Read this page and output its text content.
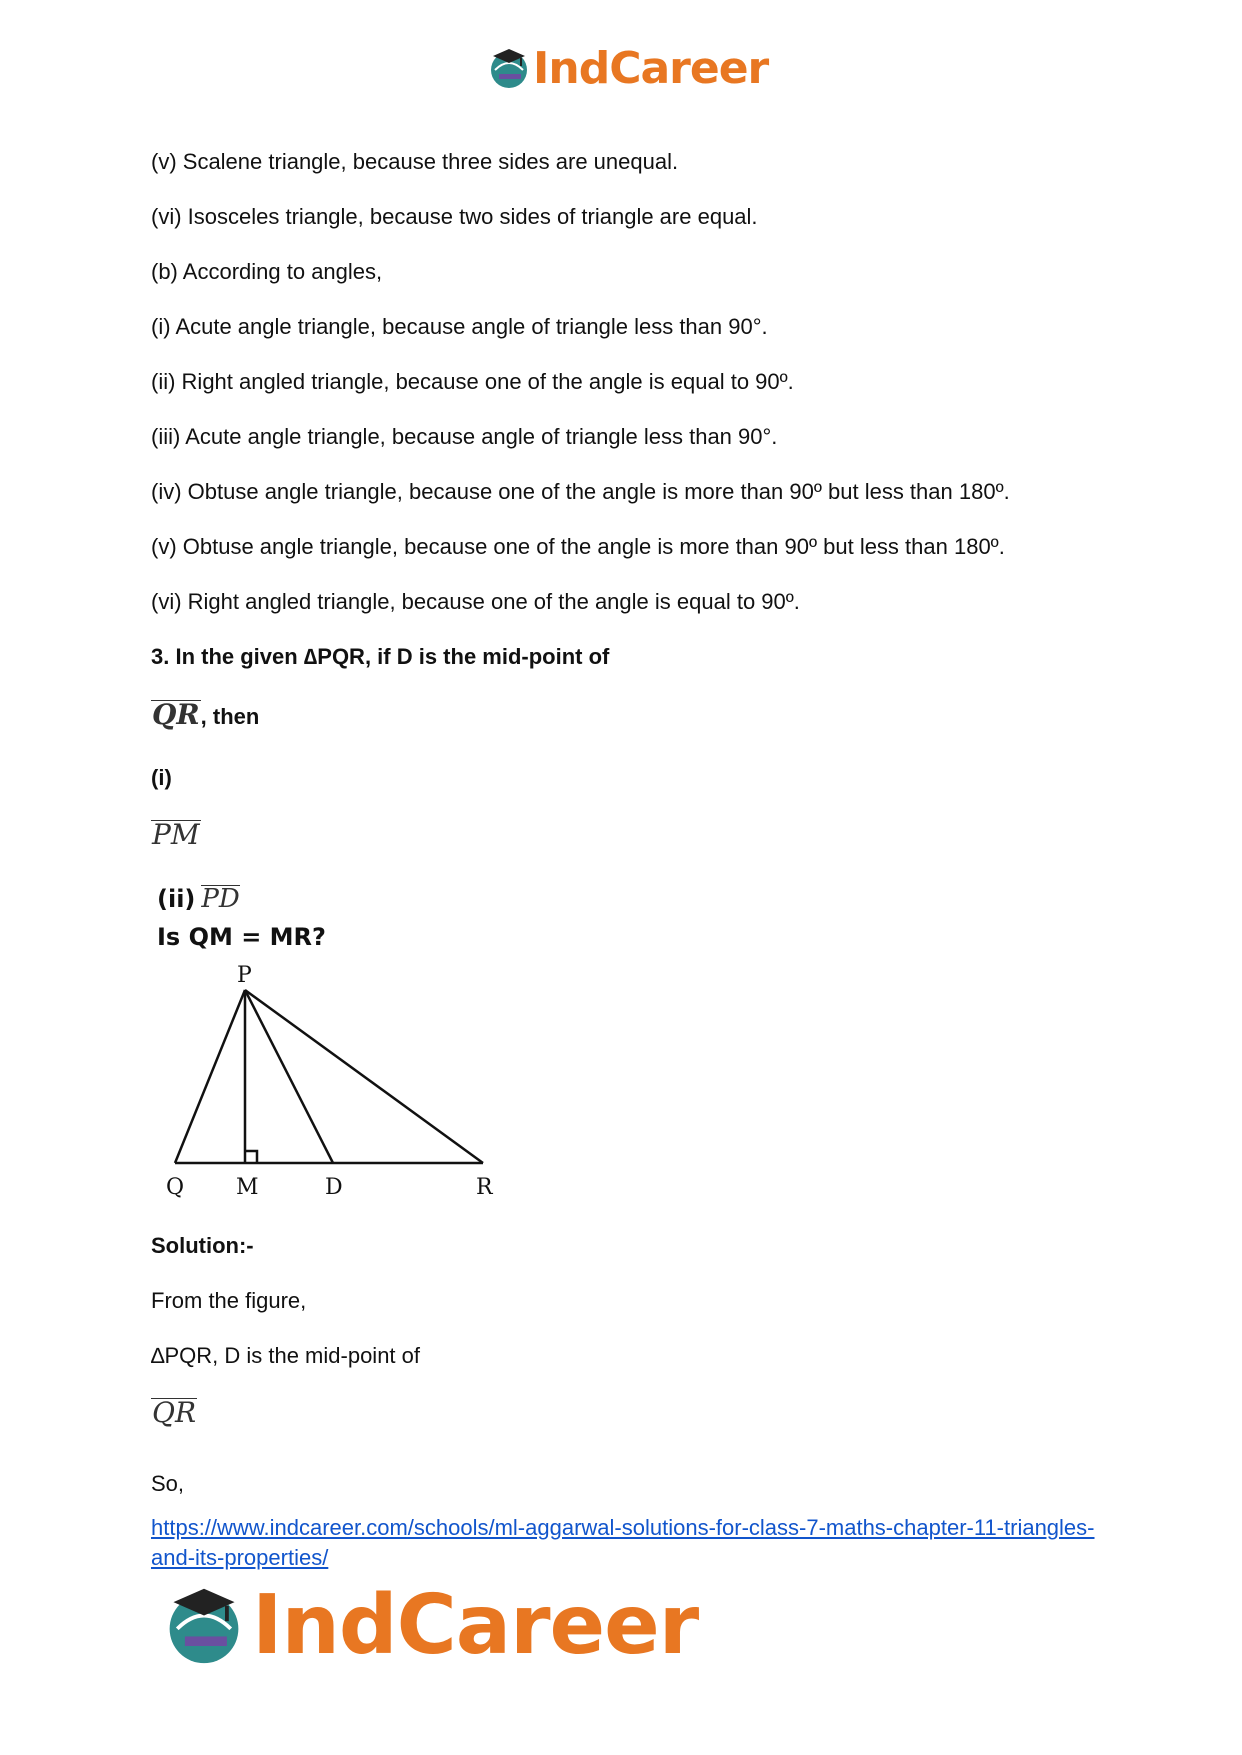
IndCareer
(v) Scalene triangle, because three sides are unequal.
(vi) Isosceles triangle, because two sides of triangle are equal.
(b) According to angles,
(i) Acute angle triangle, because angle of triangle less than 90°.
(ii) Right angled triangle, because one of the angle is equal to 90º.
(iii) Acute angle triangle, because angle of triangle less than 90°.
(iv) Obtuse angle triangle, because one of the angle is more than 90º but less than 180º.
(v) Obtuse angle triangle, because one of the angle is more than 90º but less than 180º.
(vi) Right angled triangle, because one of the angle is equal to 90º.
3. In the given ∆PQR, if D is the mid-point of
QR, then
(i)
PM
(ii) PD
Is QM = MR?
P
Q M	D	R
Solution:-
From the figure,
∆PQR, D is the mid-point of
QR
So,
https://www.indcareer.com/schools/ml-aggarwal-solutions-for-class-7-maths-chapter-11-triangles-and-its-properties/
IndCareer
